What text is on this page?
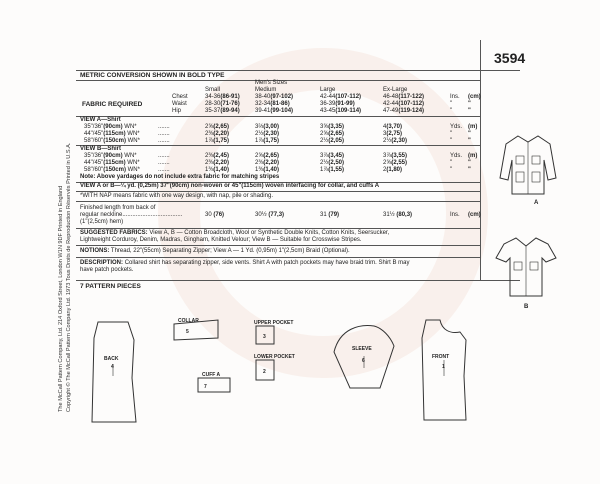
The McCall Pattern Company, Ltd. 214 Oxford Street, London W1N 9DF Printed in England Copyright © The McCall Pattern Company Ltd. 1973 Tous Droits de Reproduction Réservés Printed in U.S.A.
3594
METRIC CONVERSION SHOWN IN BOLD TYPE
Men's Sizes
Small	Medium	Large	Ex-Large
FABRIC REQUIRED
Chest	34-36(86-91)	38-40(97-102)	42-44(107-112)	46-48(117-122)	Ins. (cm)
Waist	28-30(71-76)	32-34(81-86)	36-39(91-99)	42-44(107-112)	"	"
Hip	35-37(89-94)	39-41(99-104)	43-45(109-114)	47-49(119-124)	"	"
VIEW A—Shirt
35"/36"(90cm) WN*	.......	2⅝(2,65)	3⅔(3,00)	3⅝(3,35)	4(3,70)	Yds. (m)
44"/45"(115cm) WN*	.......	2⅜(2,20)	2½(2,30)	2⅝(2,65)	3(2,75)	"	"
58"/60"(150cm) WN*	.......	1⅞(1,75)	1⅞(1,75)	2½(2,05)	2½(2,30)	"	"
VIEW B—Shirt
35"/36"(90cm) WN*	.......	2⅜(2,45)	2⅝(2,65)	3⅞(3,45)	3⅞(3,55)	Yds. (m)
44"/45"(115cm) WN*	.......	2⅜(2,20)	2⅜(2,20)	2½(2,50)	2⅝(2,55)	"	"
58"/60"(150cm) WN*	.......	1⅜(1,40)	1⅜(1,40)	1⅞(1,55)	2(1,80)	"	"
Note: Above yardages do not include extra fabric for matching stripes
VIEW A or B—¼ yd. (0,25m) 37"(90cm) non-woven or 45"(115cm) woven interfacing for collar, and cuffs A
*WITH NAP means fabric with one way design, with nap, pile or shading.
Finished length from back of
regular neckline....................................
(1"(2,5cm) hem)
30 (76)	30½ (77,3)	31 (79)	31½ (80,3)	Ins. (cm)
SUGGESTED FABRICS: View A, B — Cotton Broadcloth, Wool or Synthetic Double Knits, Cotton Knits, Seersucker,
Lightweight Corduroy, Denim, Madras, Gingham, Knitted Velour; View B — Suitable for Crosswise Stripes.
NOTIONS: Thread, 22"(55cm) Separating Zipper; View A — 1 Yd. (0,95m) 1"(2,5cm) Braid (Optional).
DESCRIPTION: Collared shirt has separating zipper, side vents. Shirt A with patch pockets may have braid trim. Shirt B may
have patch pockets.
7 PATTERN PIECES
BACK
4
COLLAR
5
CUFF A
7
UPPER POCKET
3
LOWER POCKET
2
SLEEVE
6
FRONT
1
A
B
